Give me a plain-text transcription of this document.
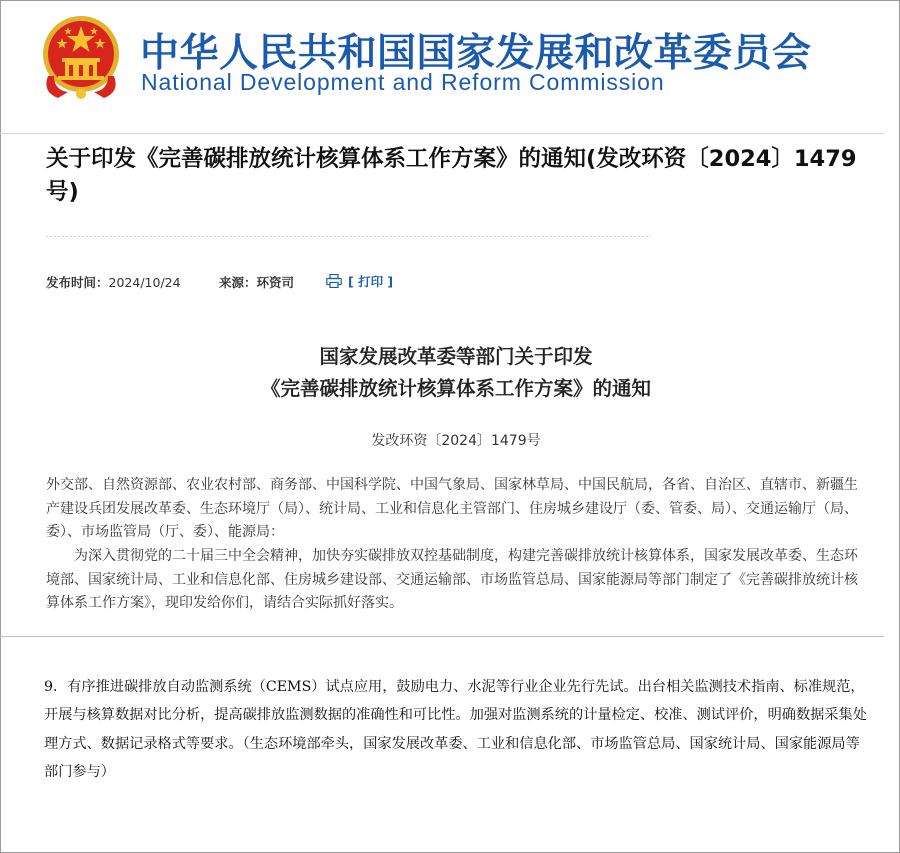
中华人民共和国国家发展和改革委员会
National Development and Reform Commission
关于印发《完善碳排放统计核算体系工作方案》的通知(发改环资〔2024〕1479号)
发布时间：2024/10/24	来源：环资司	[ 打印 ]
国家发展改革委等部门关于印发
《完善碳排放统计核算体系工作方案》的通知
发改环资〔2024〕1479号

外交部、自然资源部、农业农村部、商务部、中国科学院、中国气象局、国家林草局、中国民航局，各省、自治区、直辖市、新疆生产建设兵团发展改革委、生态环境厅（局）、统计局、工业和信息化主管部门、住房城乡建设厅（委、管委、局）、交通运输厅（局、委）、市场监管局（厅、委）、能源局：

为深入贯彻党的二十届三中全会精神，加快夯实碳排放双控基础制度，构建完善碳排放统计核算体系，国家发展改革委、生态环境部、国家统计局、工业和信息化部、住房城乡建设部、交通运输部、市场监管总局、国家能源局等部门制定了《完善碳排放统计核算体系工作方案》，现印发给你们，请结合实际抓好落实。

9．有序推进碳排放自动监测系统（CEMS）试点应用，鼓励电力、水泥等行业企业先行先试。出台相关监测技术指南、标准规范，开展与核算数据对比分析，提高碳排放监测数据的准确性和可比性。加强对监测系统的计量检定、校准、测试评价，明确数据采集处理方式、数据记录格式等要求。（生态环境部牵头，国家发展改革委、工业和信息化部、市场监管总局、国家统计局、国家能源局等部门参与）
